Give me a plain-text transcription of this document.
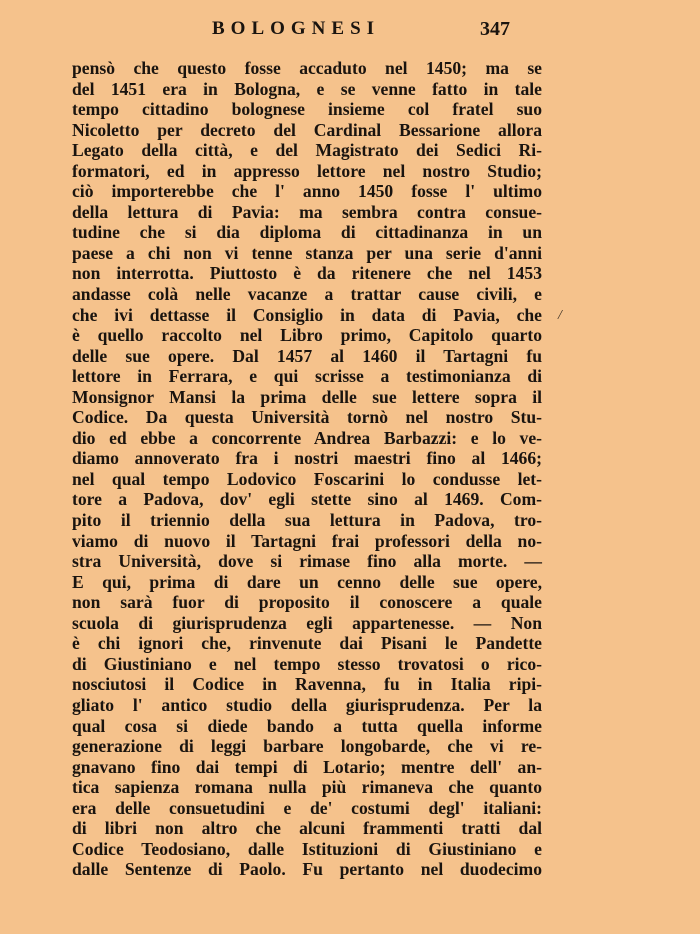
BOLOGNESI	347
/
pensò che questo fosse accaduto nel 1450; ma se
del 1451 era in Bologna, e se venne fatto in tale
tempo cittadino bolognese insieme col fratel suo
Nicoletto per decreto del Cardinal Bessarione allora
Legato della città, e del Magistrato dei Sedici Ri-
formatori, ed in appresso lettore nel nostro Studio;
ciò importerebbe che l' anno 1450 fosse l' ultimo
della lettura di Pavia: ma sembra contra consue-
tudine che si dia diploma di cittadinanza in un
paese a chi non vi tenne stanza per una serie d'anni
non interrotta. Piuttosto è da ritenere che nel 1453
andasse colà nelle vacanze a trattar cause civili, e
che ivi dettasse il Consiglio in data di Pavia, che
è quello raccolto nel Libro primo, Capitolo quarto
delle sue opere. Dal 1457 al 1460 il Tartagni fu
lettore in Ferrara, e qui scrisse a testimonianza di
Monsignor Mansi la prima delle sue lettere sopra il
Codice. Da questa Università tornò nel nostro Stu-
dio ed ebbe a concorrente Andrea Barbazzi: e lo ve-
diamo annoverato fra i nostri maestri fino al 1466;
nel qual tempo Lodovico Foscarini lo condusse let-
tore a Padova, dov' egli stette sino al 1469. Com-
pito il triennio della sua lettura in Padova, tro-
viamo di nuovo il Tartagni frai professori della no-
stra Università, dove si rimase fino alla morte. —
E qui, prima di dare un cenno delle sue opere,
non sarà fuor di proposito il conoscere a quale
scuola di giurisprudenza egli appartenesse. — Non
è chi ignori che, rinvenute dai Pisani le Pandette
di Giustiniano e nel tempo stesso trovatosi o rico-
nosciutosi il Codice in Ravenna, fu in Italia ripi-
gliato l' antico studio della giurisprudenza. Per la
qual cosa si diede bando a tutta quella informe
generazione di leggi barbare longobarde, che vi re-
gnavano fino dai tempi di Lotario; mentre dell' an-
tica sapienza romana nulla più rimaneva che quanto
era delle consuetudini e de' costumi degl' italiani:
di libri non altro che alcuni frammenti tratti dal
Codice Teodosiano, dalle Istituzioni di Giustiniano e
dalle Sentenze di Paolo. Fu pertanto nel duodecimo
